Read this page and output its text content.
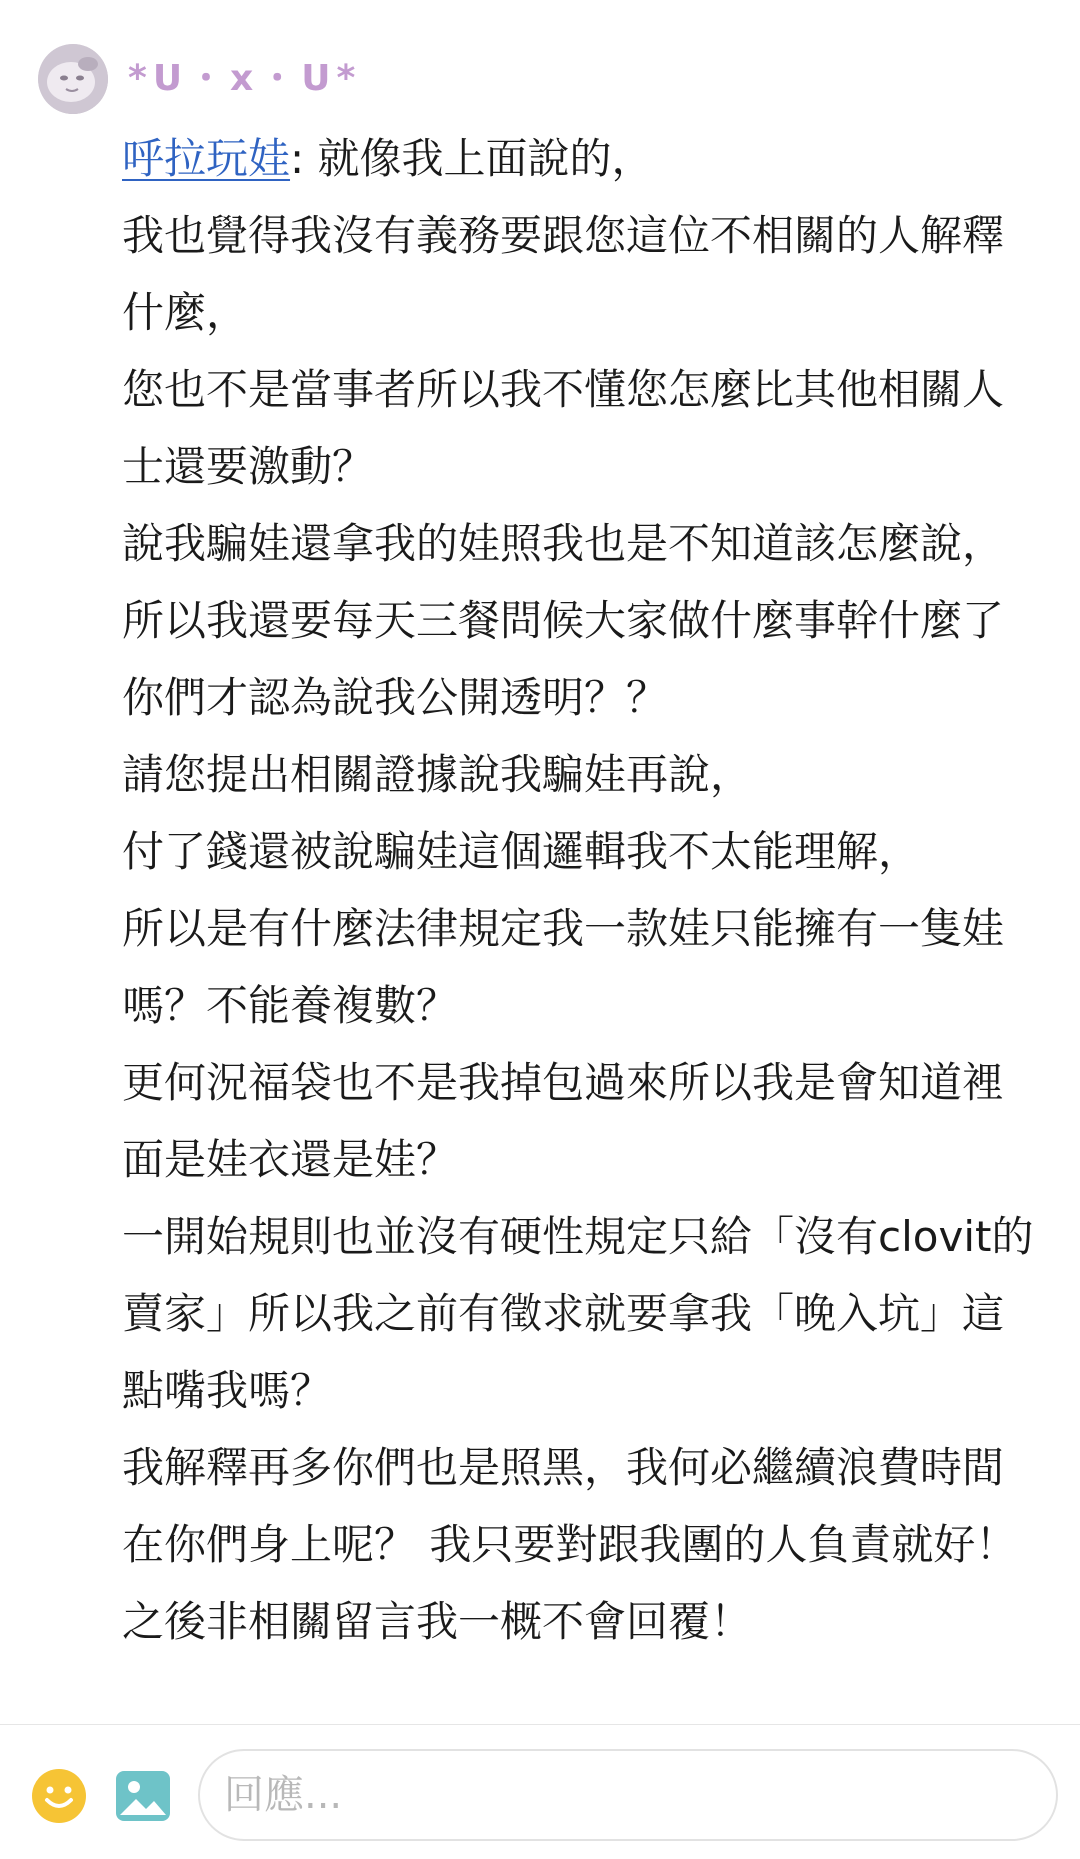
*U・x・U*
呼拉玩娃: 就像我上面說的，
我也覺得我沒有義務要跟您這位不相關的人解釋什麼，
您也不是當事者所以我不懂您怎麼比其他相關人士還要激動？
說我騙娃還拿我的娃照我也是不知道該怎麼說，
所以我還要每天三餐問候大家做什麼事幹什麼了你們才認為說我公開透明？？
請您提出相關證據說我騙娃再說，
付了錢還被說騙娃這個邏輯我不太能理解，
所以是有什麼法律規定我一款娃只能擁有一隻娃嗎？不能養複數？
更何況福袋也不是我掉包過來所以我是會知道裡面是娃衣還是娃？
一開始規則也並沒有硬性規定只給「沒有clovit的賣家」所以我之前有徵求就要拿我「晚入坑」這點嘴我嗎？
我解釋再多你們也是照黑，我何必繼續浪費時間在你們身上呢？ 我只要對跟我團的人負責就好！ 之後非相關留言我一概不會回覆！
回應...
